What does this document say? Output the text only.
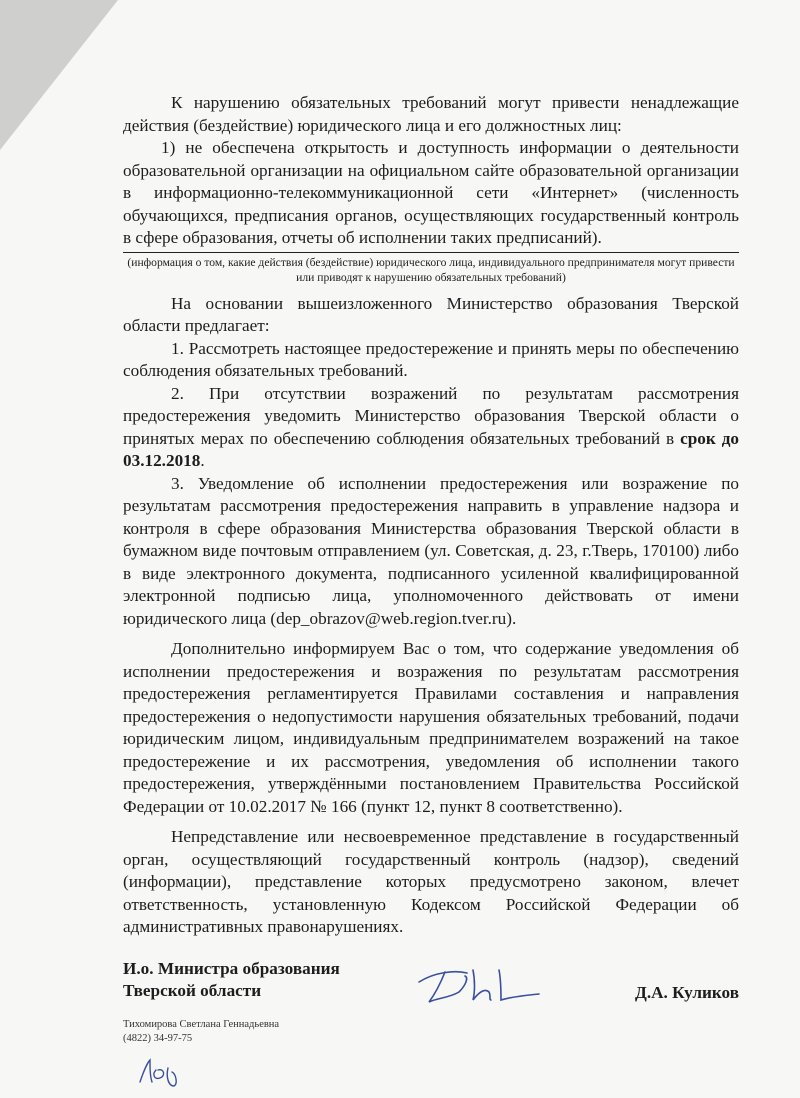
К нарушению обязательных требований могут привести ненадлежащие действия (бездействие) юридического лица и его должностных лиц:

1) не обеспечена открытость и доступность информации о деятельности образовательной организации на официальном сайте образовательной организации в информационно-телекоммуникационной сети «Интернет» (численность обучающихся, предписания органов, осуществляющих государственный контроль в сфере образования, отчеты об исполнении таких предписаний).

(информация о том, какие действия (бездействие) юридического лица, индивидуального предпринимателя могут привести или приводят к нарушению обязательных требований)

На основании вышеизложенного Министерство образования Тверской области предлагает:

1. Рассмотреть настоящее предостережение и принять меры по обеспечению соблюдения обязательных требований.

2. При отсутствии возражений по результатам рассмотрения предостережения уведомить Министерство образования Тверской области о принятых мерах по обеспечению соблюдения обязательных требований в срок до 03.12.2018.

3. Уведомление об исполнении предостережения или возражение по результатам рассмотрения предостережения направить в управление надзора и контроля в сфере образования Министерства образования Тверской области в бумажном виде почтовым отправлением (ул. Советская, д. 23, г.Тверь, 170100) либо в виде электронного документа, подписанного усиленной квалифицированной электронной подписью лица, уполномоченного действовать от имени юридического лица (dep_obrazov@web.region.tver.ru).

Дополнительно информируем Вас о том, что содержание уведомления об исполнении предостережения и возражения по результатам рассмотрения предостережения регламентируется Правилами составления и направления предостережения о недопустимости нарушения обязательных требований, подачи юридическим лицом, индивидуальным предпринимателем возражений на такое предостережение и их рассмотрения, уведомления об исполнении такого предостережения, утверждёнными постановлением Правительства Российской Федерации от 10.02.2017 № 166 (пункт 12, пункт 8 соответственно).

Непредставление или несвоевременное представление в государственный орган, осуществляющий государственный контроль (надзор), сведений (информации), представление которых предусмотрено законом, влечет ответственность, установленную Кодексом Российской Федерации об административных правонарушениях.

И.о. Министра образования
Тверской области	Д.А. Куликов
Тихомирова Светлана Геннадьевна
(4822) 34-97-75
